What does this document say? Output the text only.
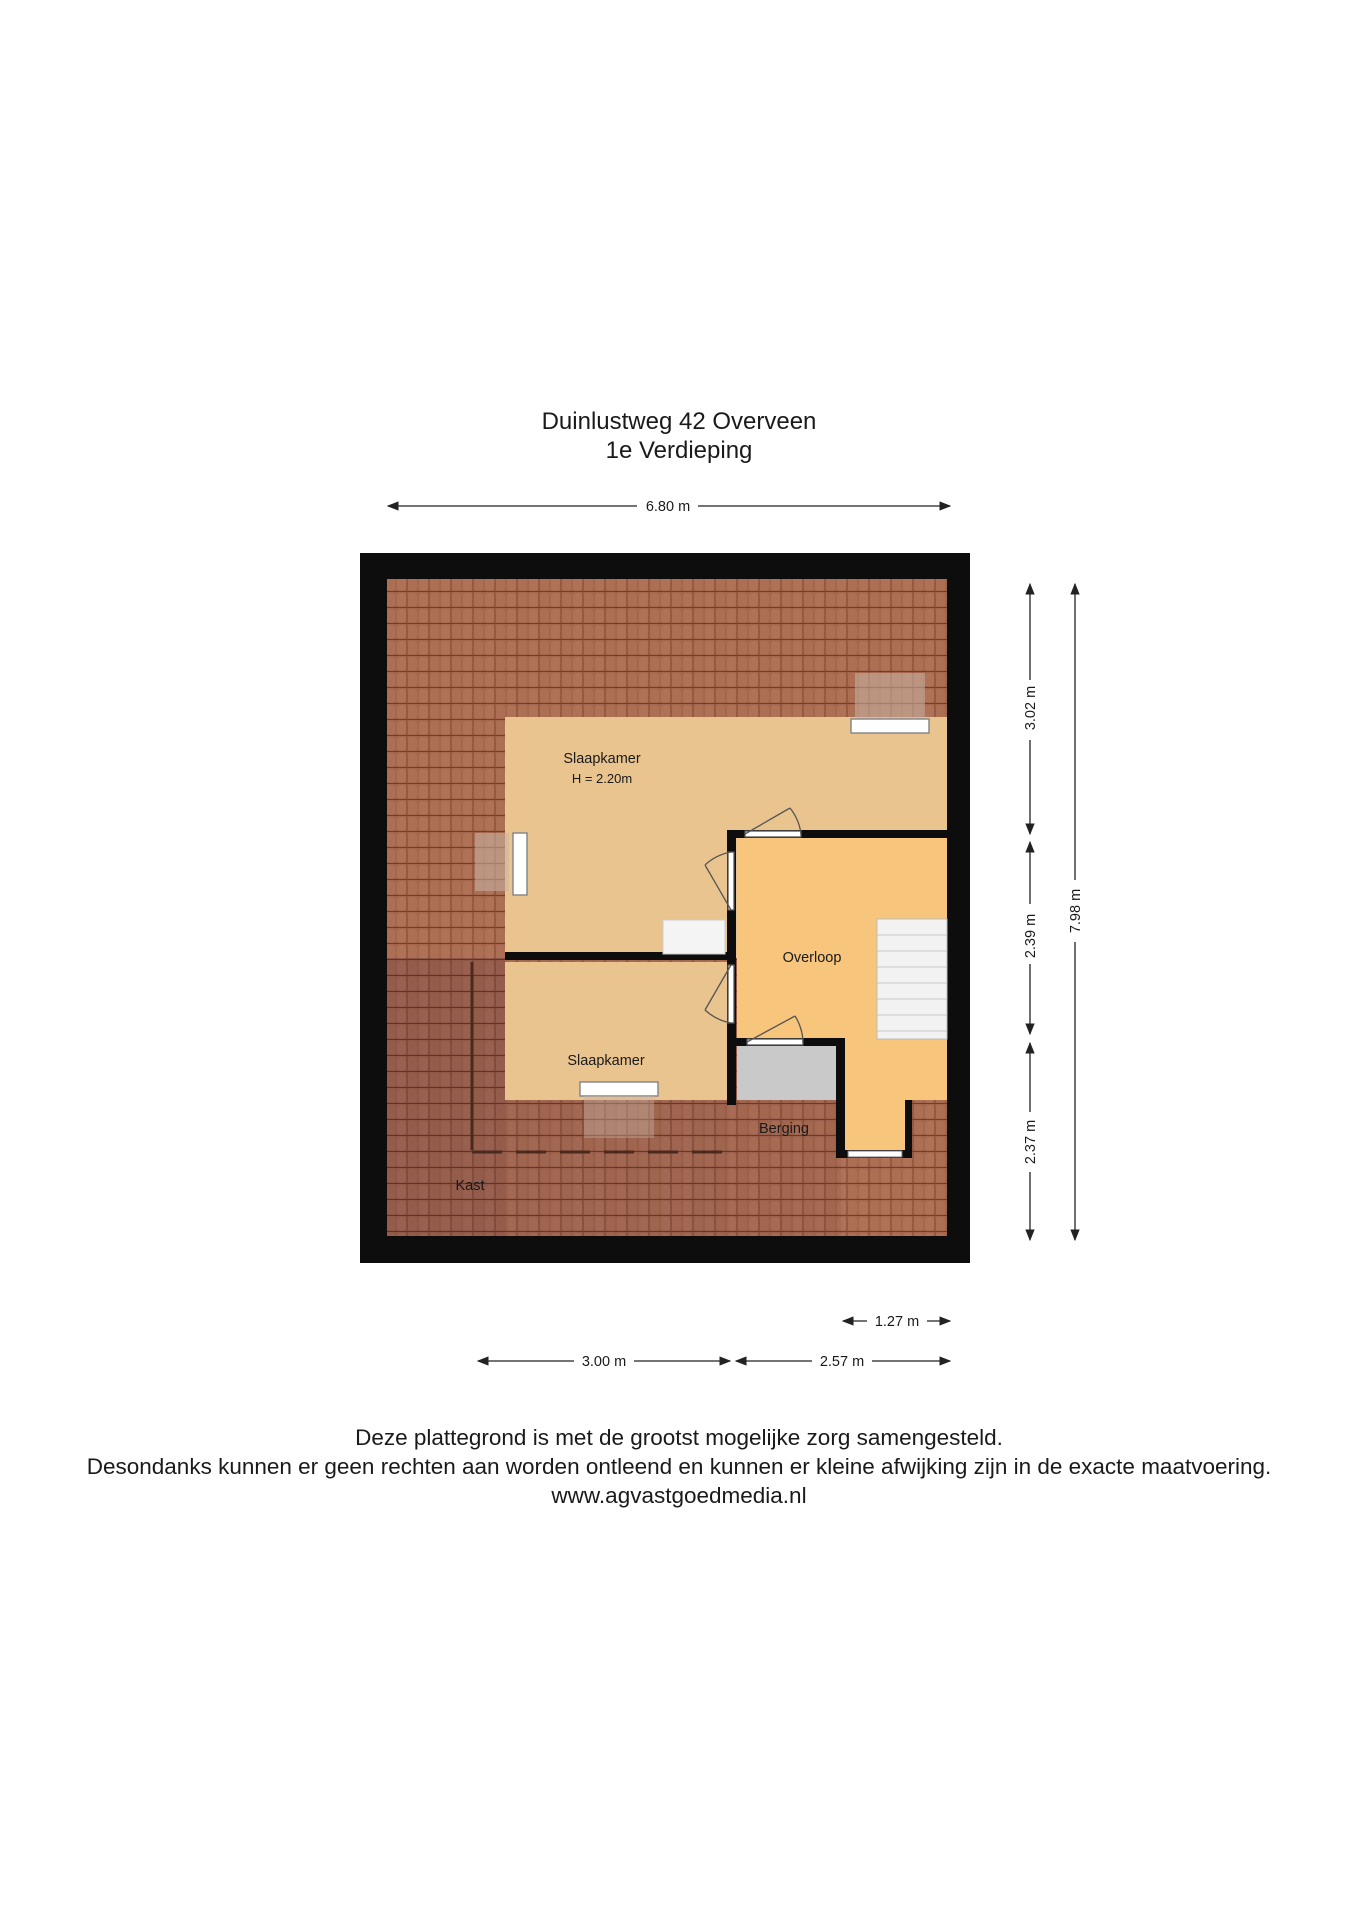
Duinlustweg 42 Overveen
1e Verdieping
Slaapkamer
H = 2.20m
Overloop
Slaapkamer
Berging
Kast
6.80 m
3.02 m
2.39 m
2.37 m
7.98 m
1.27 m
3.00 m	2.57 m
Deze plattegrond is met de grootst mogelijke zorg samengesteld.
Desondanks kunnen er geen rechten aan worden ontleend en kunnen er kleine afwijking zijn in de exacte maatvoering.
www.agvastgoedmedia.nl
